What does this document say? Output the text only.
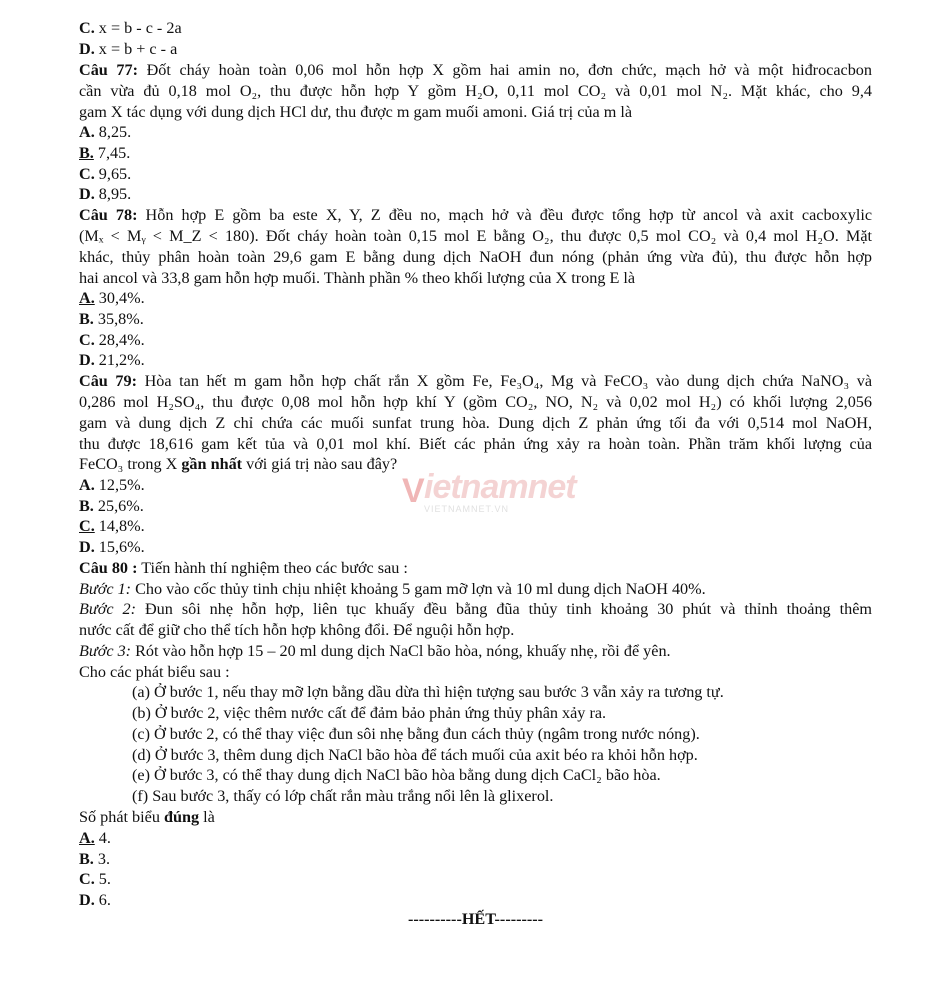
C. x = b - c - 2a
D. x = b + c - a
Câu 77: Đốt cháy hoàn toàn 0,06 mol hỗn hợp X gồm hai amin no, đơn chức, mạch hở và một hiđrocacbon
cần vừa đủ 0,18 mol O₂, thu được hỗn hợp Y gồm H₂O, 0,11 mol CO₂ và 0,01 mol N₂. Mặt khác, cho 9,4
gam X tác dụng với dung dịch HCl dư, thu được m gam muối amoni. Giá trị của m là
A. 8,25.
B. 7,45.
C. 9,65.
D. 8,95.
Câu 78: Hỗn hợp E gồm ba este X, Y, Z đều no, mạch hở và đều được tổng hợp từ ancol và axit cacboxylic
(Mₓ < Mᵧ < M_Z < 180). Đốt cháy hoàn toàn 0,15 mol E bằng O₂, thu được 0,5 mol CO₂ và 0,4 mol H₂O. Mặt
khác, thủy phân hoàn toàn 29,6 gam E bằng dung dịch NaOH đun nóng (phản ứng vừa đủ), thu được hỗn hợp
hai ancol và 33,8 gam hỗn hợp muối. Thành phần % theo khối lượng của X trong E là
A. 30,4%.
B. 35,8%.
C. 28,4%.
D. 21,2%.
Câu 79: Hòa tan hết m gam hỗn hợp chất rắn X gồm Fe, Fe₃O₄, Mg và FeCO₃ vào dung dịch chứa NaNO₃ và
0,286 mol H₂SO₄, thu được 0,08 mol hỗn hợp khí Y (gồm CO₂, NO, N₂ và 0,02 mol H₂) có khối lượng 2,056
gam và dung dịch Z chỉ chứa các muối sunfat trung hòa. Dung dịch Z phản ứng tối đa với 0,514 mol NaOH,
thu được 18,616 gam kết tủa và 0,01 mol khí. Biết các phản ứng xảy ra hoàn toàn. Phần trăm khối lượng của
FeCO₃ trong X gần nhất với giá trị nào sau đây?
A. 12,5%.
B. 25,6%.
C. 14,8%.
D. 15,6%.
Câu 80 : Tiến hành thí nghiệm theo các bước sau :
Bước 1: Cho vào cốc thủy tinh chịu nhiệt khoảng 5 gam mỡ lợn và 10 ml dung dịch NaOH 40%.
Bước 2: Đun sôi nhẹ hỗn hợp, liên tục khuấy đều bằng đũa thủy tinh khoảng 30 phút và thỉnh thoảng thêm
nước cất để giữ cho thể tích hỗn hợp không đổi. Để nguội hỗn hợp.
Bước 3: Rót vào hỗn hợp 15 – 20 ml dung dịch NaCl bão hòa, nóng, khuấy nhẹ, rồi để yên.
Cho các phát biểu sau :
(a) Ở bước 1, nếu thay mỡ lợn bằng dầu dừa thì hiện tượng sau bước 3 vẫn xảy ra tương tự.
(b) Ở bước 2, việc thêm nước cất để đảm bảo phản ứng thủy phân xảy ra.
(c) Ở bước 2, có thể thay việc đun sôi nhẹ bằng đun cách thủy (ngâm trong nước nóng).
(d) Ở bước 3, thêm dung dịch NaCl bão hòa để tách muối của axit béo ra khỏi hỗn hợp.
(e) Ở bước 3, có thể thay dung dịch NaCl bão hòa bằng dung dịch CaCl₂ bão hòa.
(f) Sau bước 3, thấy có lớp chất rắn màu trắng nổi lên là glixerol.
Số phát biểu đúng là
A. 4.
B. 3.
C. 5.
D. 6.
----------HẾT---------
V ietnamnet
VIETNAMNET.VN
